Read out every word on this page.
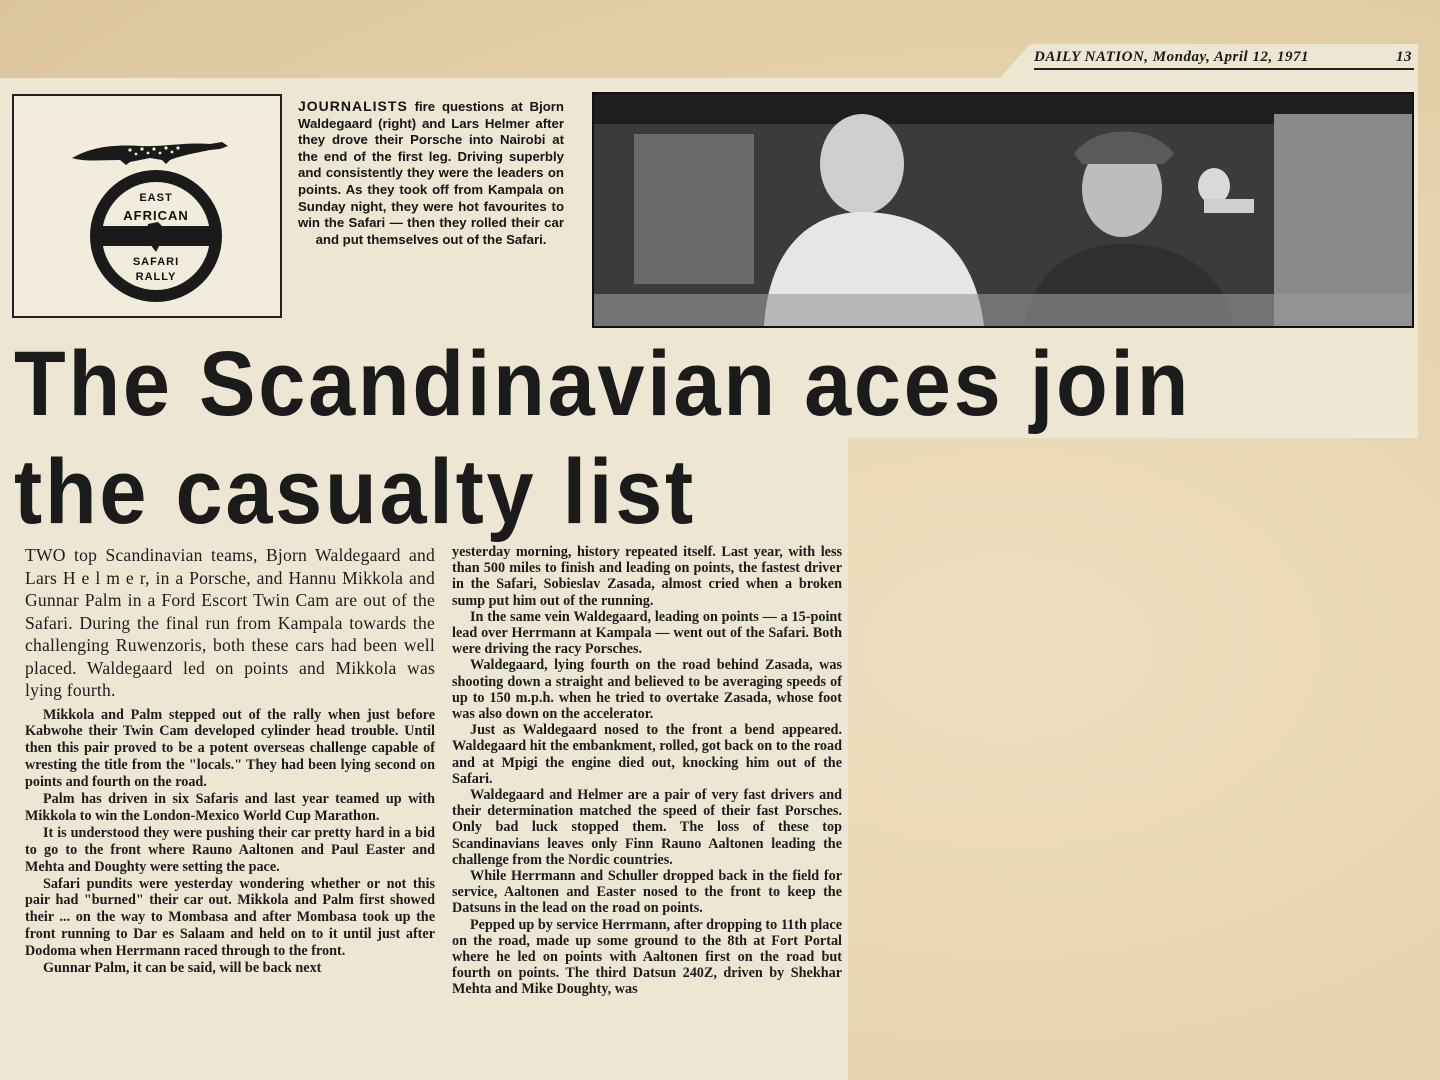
DAILY NATION, Monday, April 12, 1971	13
EAST
AFRICAN
SAFARI
RALLY
JOURNALISTS fire questions at Bjorn Waldegaard (right) and Lars Helmer after they drove their Porsche into Nairobi at the end of the first leg. Driving superbly and consistently they were the leaders on points. As they took off from Kampala on Sunday night, they were hot favourites to win the Safari — then they rolled their car and put themselves out of the Safari.
The Scandinavian aces join
the casualty list

TWO top Scandinavian teams, Bjorn Waldegaard and Lars H e l m e r, in a Porsche, and Hannu Mikkola and Gunnar Palm in a Ford Escort Twin Cam are out of the Safari. During the final run from Kampala towards the challenging Ruwenzoris, both these cars had been well placed. Waldegaard led on points and Mikkola was lying fourth.

Mikkola and Palm stepped out of the rally when just before Kabwohe their Twin Cam developed cylinder head trouble. Until then this pair proved to be a potent overseas challenge capable of wresting the title from the "locals." They had been lying second on points and fourth on the road.

Palm has driven in six Safaris and last year teamed up with Mikkola to win the London-Mexico World Cup Marathon.

It is understood they were pushing their car pretty hard in a bid to go to the front where Rauno Aaltonen and Paul Easter and Mehta and Doughty were setting the pace.

Safari pundits were yesterday wondering whether or not this pair had "burned" their car out. Mikkola and Palm first showed their ... on the way to Mombasa and after Mombasa took up the front running to Dar es Salaam and held on to it until just after Dodoma when Herrmann raced through to the front.

Gunnar Palm, it can be said, will be back next

yesterday morning, history repeated itself. Last year, with less than 500 miles to finish and leading on points, the fastest driver in the Safari, Sobieslav Zasada, almost cried when a broken sump put him out of the running.

In the same vein Waldegaard, leading on points — a 15-point lead over Herrmann at Kampala — went out of the Safari. Both were driving the racy Porsches.

Waldegaard, lying fourth on the road behind Zasada, was shooting down a straight and believed to be averaging speeds of up to 150 m.p.h. when he tried to overtake Zasada, whose foot was also down on the accelerator.

Just as Waldegaard nosed to the front a bend appeared. Waldegaard hit the embankment, rolled, got back on to the road and at Mpigi the engine died out, knocking him out of the Safari.

Waldegaard and Helmer are a pair of very fast drivers and their determination matched the speed of their fast Porsches. Only bad luck stopped them. The loss of these top Scandinavians leaves only Finn Rauno Aaltonen leading the challenge from the Nordic countries.

While Herrmann and Schuller dropped back in the field for service, Aaltonen and Easter nosed to the front to keep the Datsuns in the lead on the road on points.

Pepped up by service Herrmann, after dropping to 11th place on the road, made up some ground to the 8th at Fort Portal where he led on points with Aaltonen first on the road but fourth on points. The third Datsun 240Z, driven by Shekhar Mehta and Mike Doughty, was
